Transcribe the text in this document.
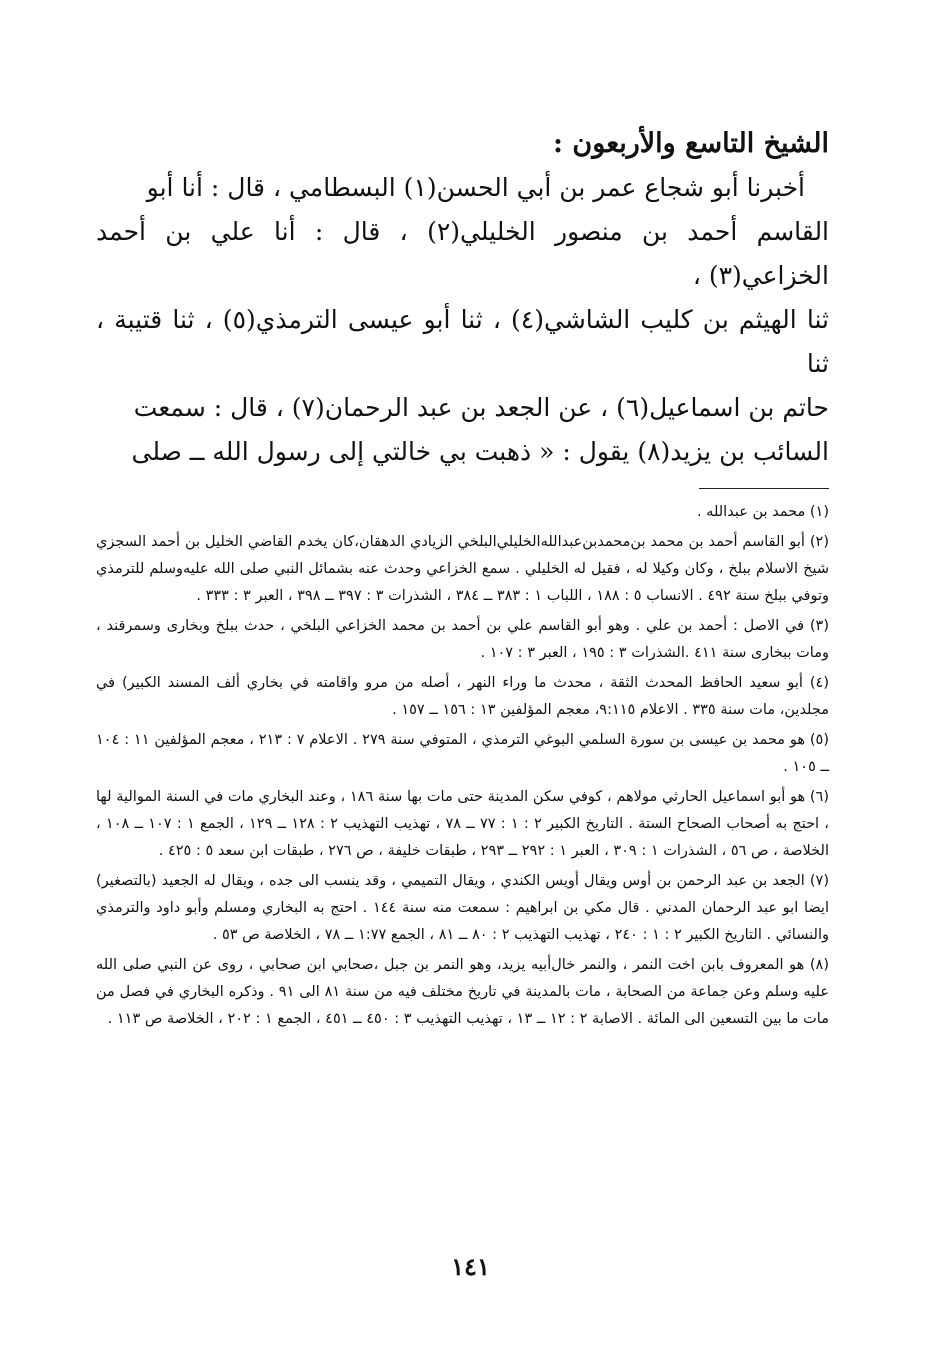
الشيخ التاسع والأربعون :

أخبرنا أبو شجاع عمر بن أبي الحسن(١) البسطامي ، قال : أنا أبو

القاسم أحمد بن منصور الخليلي(٢) ، قال : أنا علي بن أحمد الخزاعي(٣) ،

ثنا الهيثم بن كليب الشاشي(٤) ، ثنا أبو عيسى الترمذي(٥) ، ثنا قتيبة ، ثنا

حاتم بن اسماعيل(٦) ، عن الجعد بن عبد الرحمان(٧) ، قال : سمعت

السائب بن يزيد(٨) يقول : « ذهبت بي خالتي إلى رسول الله ــ صلى

(١) محمد بن عبدالله .

(٢) أبو القاسم أحمد بن محمد بن‌محمدبن‌عبدالله‌الخليلي‌البلخي الزيادي الدهقان،كان يخدم القاضي الخليل بن أحمد السجزي شيخ الاسلام ببلخ ، وكان وكيلا له ، فقيل له الخليلي . سمع الخزاعي وحدث عنه بشمائل النبي صلى الله عليه‌وسلم للترمذي وتوفي ببلخ سنة ٤٩٢ . الانساب ٥ : ١٨٨ ، اللباب ١ : ٣٨٣ ــ ٣٨٤ ، الشذرات ٣ : ٣٩٧ ــ ٣٩٨ ، العبر ٣ : ٣٣٣ .

(٣) في الاصل : أحمد بن علي . وهو أبو القاسم علي بن أحمد بن محمد الخزاعي البلخي ، حدث ببلخ وبخارى وسمرقند ، ومات ببخارى سنة ٤١١ .الشذرات ٣ : ١٩٥ ، العبر ٣ : ١٠٧ .

(٤) أبو سعيد الحافظ المحدث الثقة ، محدث ما وراء النهر ، أصله من مرو واقامته في بخاري ألف المسند الكبير) في مجلدين، مات سنة ٣٣٥ . الاعلام ٩:١١٥، معجم المؤلفين ١٣ : ١٥٦ ــ ١٥٧ .

(٥) هو محمد بن عيسى بن سورة السلمي البوغي الترمذي ، المتوفي سنة ٢٧٩ . الاعلام ٧ : ٢١٣ ، معجم المؤلفين ١١ : ١٠٤ ــ ١٠٥ .

(٦) هو أبو اسماعيل الحارثي مولاهم ، كوفي سكن المدينة حتى مات بها سنة ١٨٦ ، وعند البخاري مات في السنة الموالية لها ، احتج به أصحاب الصحاح الستة . التاريخ الكبير ٢ : ١ : ٧٧ ــ ٧٨ ، تهذيب التهذيب ٢ : ١٢٨ ــ ١٢٩ ، الجمع ١ : ١٠٧ ــ ١٠٨ ، الخلاصة ، ص ٥٦ ، الشذرات ١ : ٣٠٩ ، العبر ١ : ٢٩٢ ــ ٢٩٣ ، طبقات خليفة ، ص ٢٧٦ ، طبقات ابن سعد ٥ : ٤٢٥ .

(٧) الجعد بن عبد الرحمن بن أوس ويقال أويس الكندي ، ويقال التميمي ، وقد ينسب الى جده ، ويقال له الجعيد (بالتصغير) ايضا ابو عبد الرحمان المدني . قال مكي بن ابراهيم : سمعت منه سنة ١٤٤ . احتج به البخاري ومسلم وأبو داود والترمذي والنسائي . التاريخ الكبير ٢ : ١ : ٢٤٠ ، تهذيب التهذيب ٢ : ٨٠ ــ ٨١ ، الجمع ١:٧٧ ــ ٧٨ ، الخلاصة ص ٥٣ .

(٨) هو المعروف بابن اخت النمر ، والنمر خال‌أبيه يزيد، وهو النمر بن جبل ،صحابي ابن صحابي ، روى عن النبي صلى الله عليه وسلم وعن جماعة من الصحابة ، مات بالمدينة في تاريخ مختلف فيه من سنة ٨١ الى ٩١ . وذكره البخاري في فصل من مات ما بين التسعين الى المائة . الاصابة ٢ : ١٢ ــ ١٣ ، تهذيب التهذيب ٣ : ٤٥٠ ــ ٤٥١ ، الجمع ١ : ٢٠٢ ، الخلاصة ص ١١٣ .

١٤١
